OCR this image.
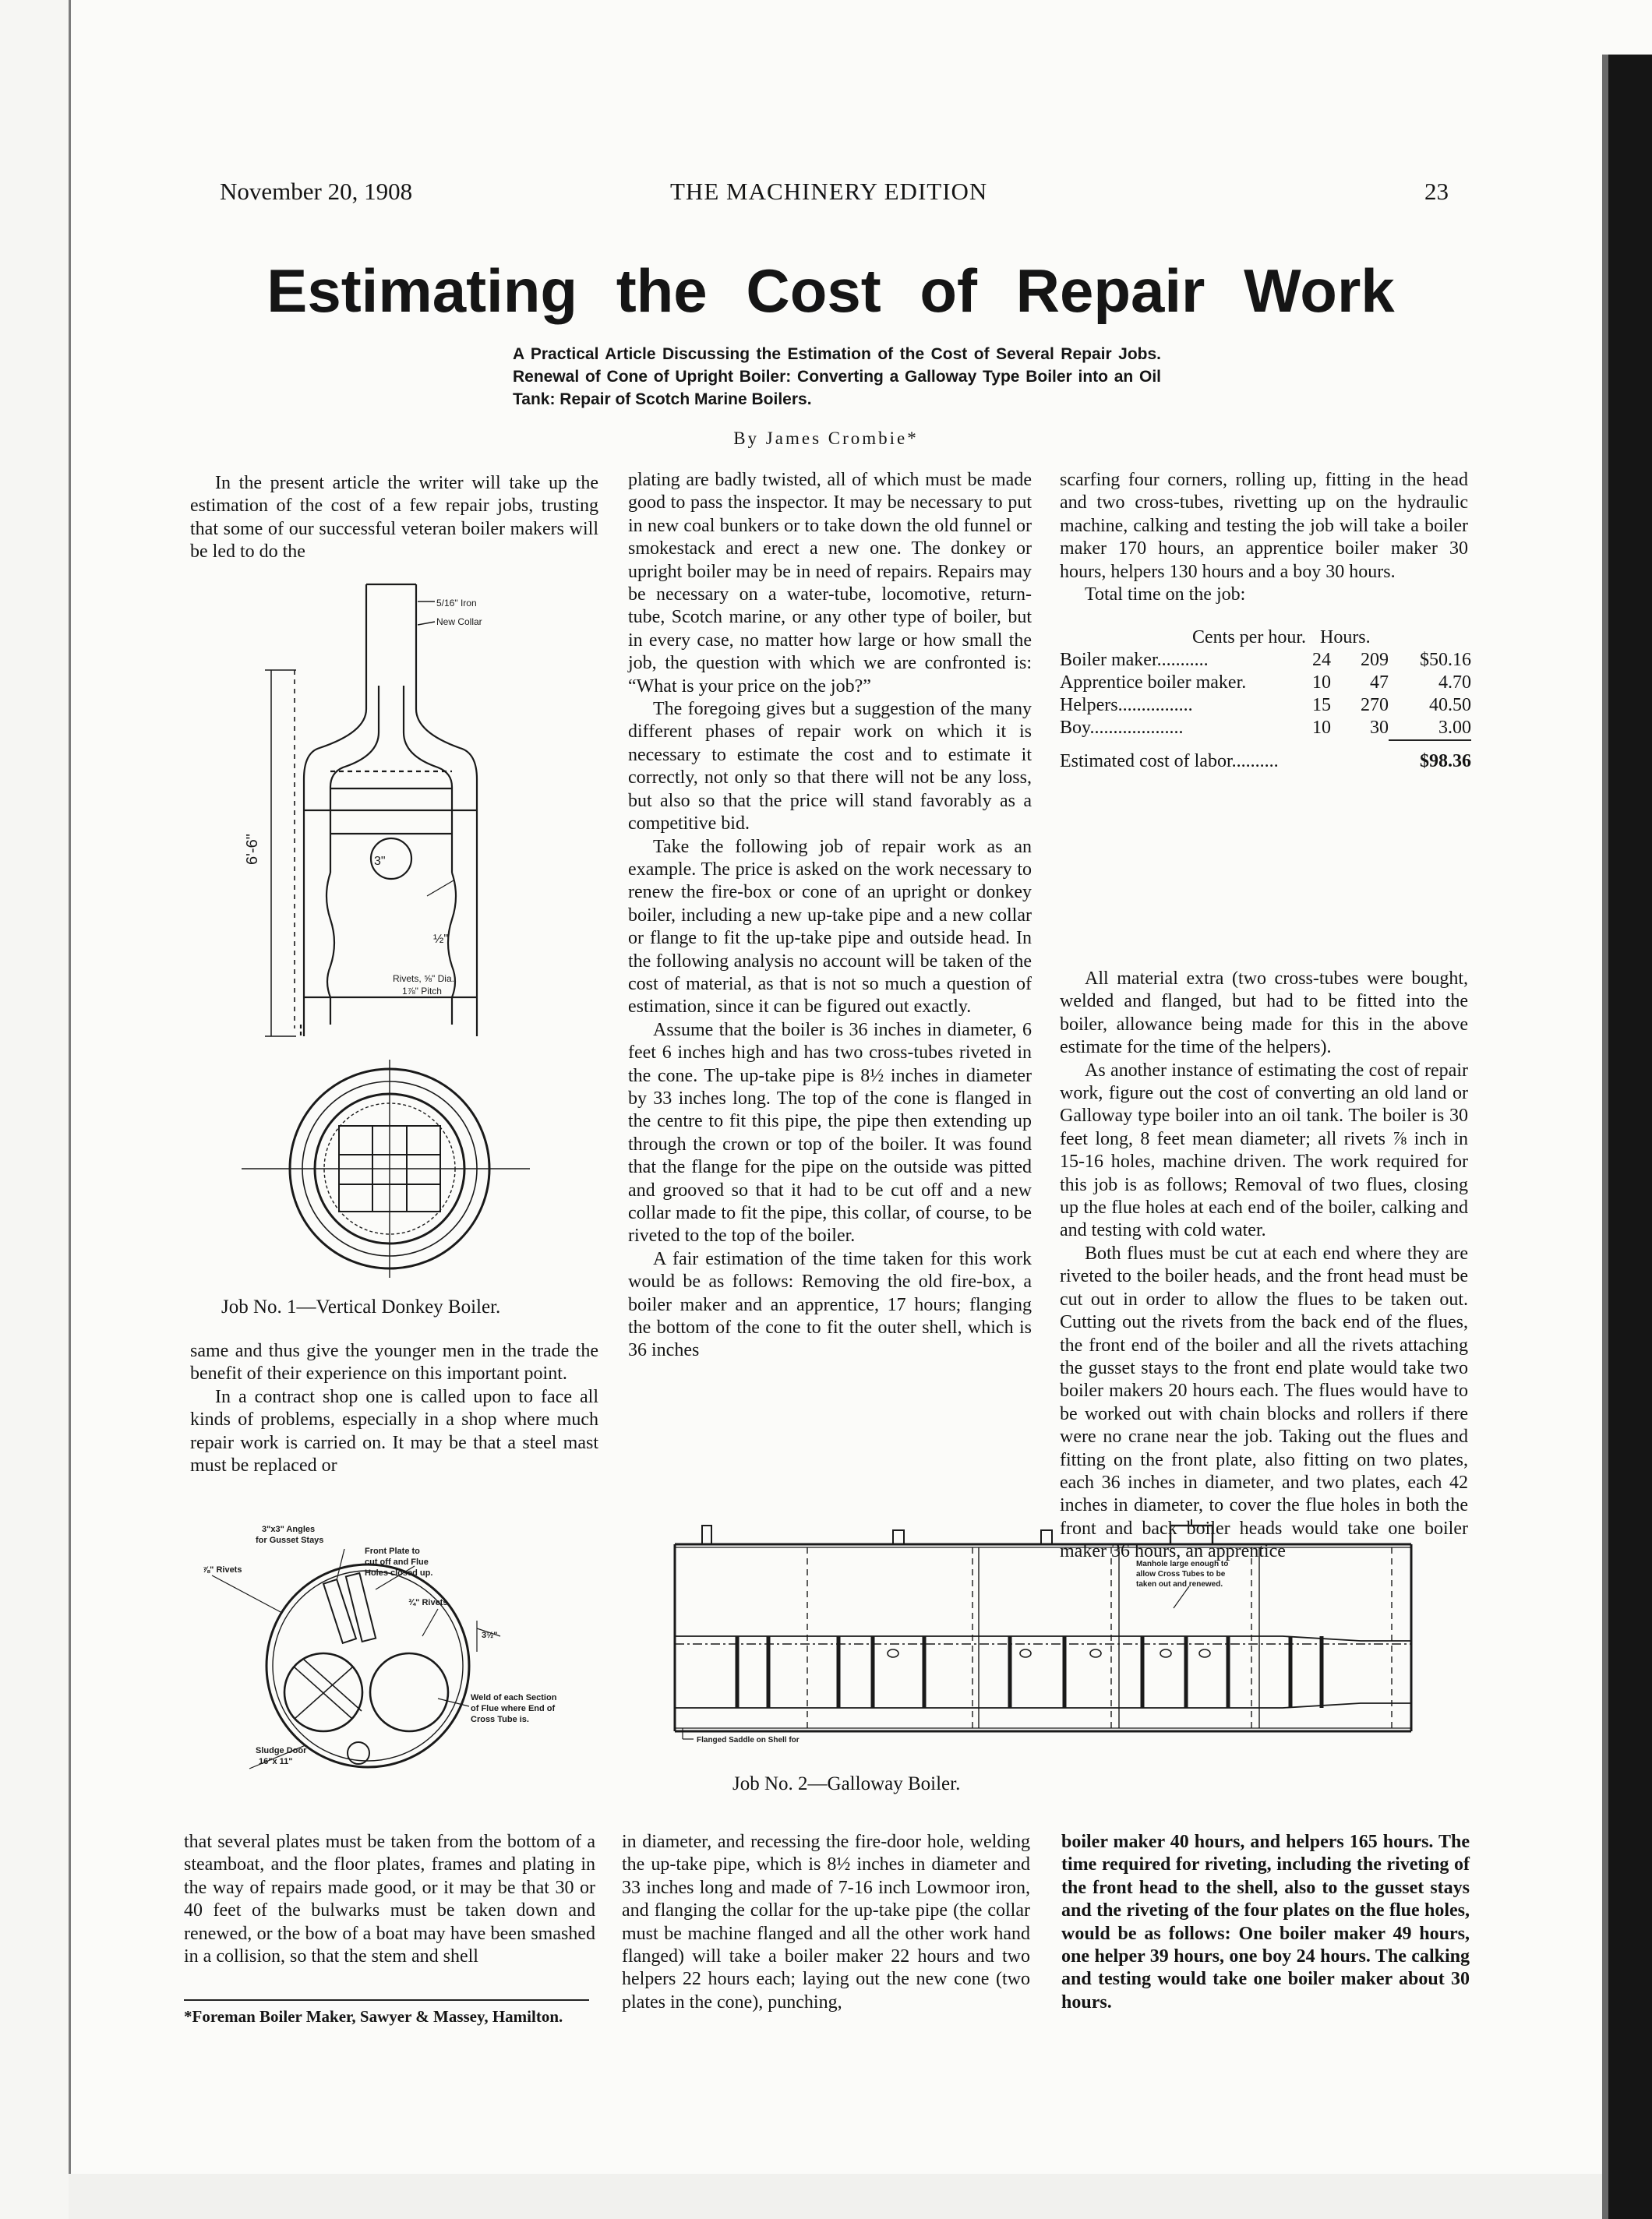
November 20, 1908	THE MACHINERY EDITION	23
Estimating the Cost of Repair Work
A Practical Article Discussing the Estimation of the Cost of Several Repair Jobs. Renewal of Cone of Upright Boiler: Converting a Galloway Type Boiler into an Oil Tank: Repair of Scotch Marine Boilers.
By James Crombie*

In the present article the writer will take up the estimation of the cost of a few repair jobs, trusting that some of our successful veteran boiler makers will be led to do the

5/16" Iron
New Collar
6'-6"	3"
½"
Rivets, ⅝" Dia.
1⅞" Pitch
Job No. 1—Vertical Donkey Boiler.

same and thus give the younger men in the trade the benefit of their experience on this important point.

In a contract shop one is called upon to face all kinds of problems, especially in a shop where much repair work is carried on. It may be that a steel mast must be replaced or

plating are badly twisted, all of which must be made good to pass the inspector. It may be necessary to put in new coal bunkers or to take down the old funnel or smokestack and erect a new one. The donkey or upright boiler may be in need of repairs. Repairs may be necessary on a water-tube, locomotive, return-tube, Scotch marine, or any other type of boiler, but in every case, no matter how large or how small the job, the question with which we are confronted is: “What is your price on the job?”

The foregoing gives but a suggestion of the many different phases of repair work on which it is necessary to estimate the cost and to estimate it correctly, not only so that there will not be any loss, but also so that the price will stand favorably as a competitive bid.

Take the following job of repair work as an example. The price is asked on the work necessary to renew the fire-box or cone of an upright or donkey boiler, including a new up-take pipe and a new collar or flange to fit the up-take pipe and outside head. In the following analysis no account will be taken of the cost of material, as that is not so much a question of estimation, since it can be figured out exactly.

Assume that the boiler is 36 inches in diameter, 6 feet 6 inches high and has two cross-tubes riveted in the cone. The up-take pipe is 8½ inches in diameter by 33 inches long. The top of the cone is flanged in the centre to fit this pipe, the pipe then extending up through the crown or top of the boiler. It was found that the flange for the pipe on the outside was pitted and grooved so that it had to be cut off and a new collar made to fit the pipe, this collar, of course, to be riveted to the top of the boiler.

A fair estimation of the time taken for this work would be as follows: Removing the old fire-box, a boiler maker and an apprentice, 17 hours; flanging the bottom of the cone to fit the outer shell, which is 36 inches

scarfing four corners, rolling up, fitting in the head and two cross-tubes, rivetting up on the hydraulic machine, calking and testing the job will take a boiler maker 170 hours, an apprentice boiler maker 30 hours, helpers 130 hours and a boy 30 hours.

Total time on the job:

Cents per hour. Hours.
Boiler maker...........	24	209	$50.16
Apprentice boiler maker.	10	47	4.70
Helpers................	15	270	40.50
Boy....................	10	30	3.00
Estimated cost of labor..........	$98.36

All material extra (two cross-tubes were bought, welded and flanged, but had to be fitted into the boiler, allowance being made for this in the above estimate for the time of the helpers).

As another instance of estimating the cost of repair work, figure out the cost of converting an old land or Galloway type boiler into an oil tank. The boiler is 30 feet long, 8 feet mean diameter; all rivets ⅞ inch in 15-16 holes, machine driven. The work required for this job is as follows; Removal of two flues, closing up the flue holes at each end of the boiler, calking and and testing with cold water.

Both flues must be cut at each end where they are riveted to the boiler heads, and the front head must be cut out in order to allow the flues to be taken out. Cutting out the rivets from the back end of the flues, the front end of the boiler and all the rivets attaching the gusset stays to the front end plate would take two boiler makers 20 hours each. The flues would have to be worked out with chain blocks and rollers if there were no crane near the job. Taking out the flues and fitting on the front plate, also fitting on two plates, each 36 inches in diameter, and two plates, each 42 inches in diameter, to cover the flue holes in both the front and back boiler heads would take one boiler maker 36 hours, an apprentice

3"x3" Angles
for Gusset Stays
⅞" Rivets
Front Plate to
cut off and Flue
Holes closed up.
¾" Rivets
3½"
Weld of each Section
of Flue where End of
Cross Tube is.
Sludge Door
16"x 11"
Manhole large enough to
allow Cross Tubes to be
taken out and renewed.
Flanged Saddle on Shell for
Job No. 2—Galloway Boiler.

that several plates must be taken from the bottom of a steamboat, and the floor plates, frames and plating in the way of repairs made good, or it may be that 30 or 40 feet of the bulwarks must be taken down and renewed, or the bow of a boat may have been smashed in a collision, so that the stem and shell

in diameter, and recessing the fire-door hole, welding the up-take pipe, which is 8½ inches in diameter and 33 inches long and made of 7-16 inch Lowmoor iron, and flanging the collar for the up-take pipe (the collar must be machine flanged and all the other work hand flanged) will take a boiler maker 22 hours and two helpers 22 hours each; laying out the new cone (two plates in the cone), punching,

boiler maker 40 hours, and helpers 165 hours. The time required for riveting, including the riveting of the front head to the shell, also to the gusset stays and the riveting of the four plates on the flue holes, would be as follows: One boiler maker 49 hours, one helper 39 hours, one boy 24 hours. The calking and testing would take one boiler maker about 30 hours.

*Foreman Boiler Maker, Sawyer & Massey, Hamilton.
